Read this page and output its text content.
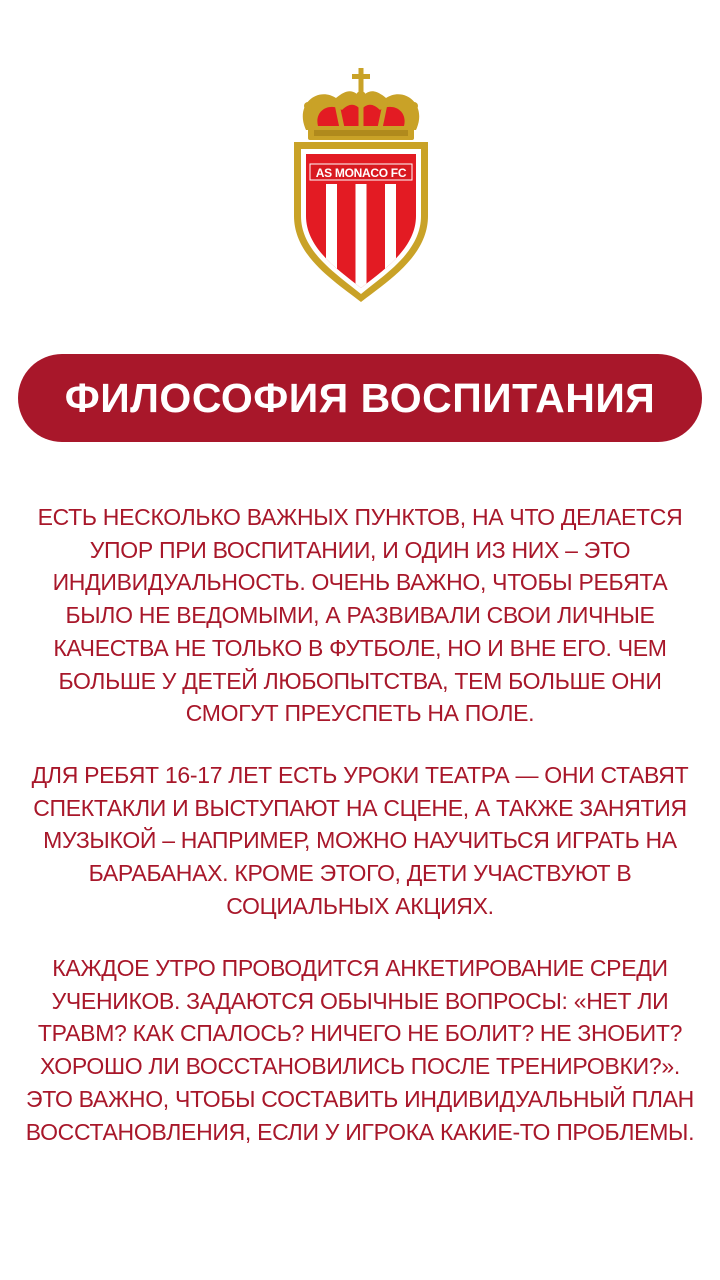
AS MONACO FC
ФИЛОСОФИЯ ВОСПИТАНИЯ

ЕСТЬ НЕСКОЛЬКО ВАЖНЫХ ПУНКТОВ, НА ЧТО ДЕЛАЕТСЯ УПОР ПРИ ВОСПИТАНИИ, И ОДИН ИЗ НИХ – ЭТО ИНДИВИДУАЛЬНОСТЬ. ОЧЕНЬ ВАЖНО, ЧТОБЫ РЕБЯТА БЫЛО НЕ ВЕДОМЫМИ, А РАЗВИВАЛИ СВОИ ЛИЧНЫЕ КАЧЕСТВА НЕ ТОЛЬКО В ФУТБОЛЕ, НО И ВНЕ ЕГО. ЧЕМ БОЛЬШЕ У ДЕТЕЙ ЛЮБОПЫТСТВА, ТЕМ БОЛЬШЕ ОНИ СМОГУТ ПРЕУСПЕТЬ НА ПОЛЕ.

ДЛЯ РЕБЯТ 16-17 ЛЕТ ЕСТЬ УРОКИ ТЕАТРА — ОНИ СТАВЯТ СПЕКТАКЛИ И ВЫСТУПАЮТ НА СЦЕНЕ, А ТАКЖЕ ЗАНЯТИЯ МУЗЫКОЙ – НАПРИМЕР, МОЖНО НАУЧИТЬСЯ ИГРАТЬ НА БАРАБАНАХ. КРОМЕ ЭТОГО, ДЕТИ УЧАСТВУЮТ В СОЦИАЛЬНЫХ АКЦИЯХ.

КАЖДОЕ УТРО ПРОВОДИТСЯ АНКЕТИРОВАНИЕ СРЕДИ УЧЕНИКОВ. ЗАДАЮТСЯ ОБЫЧНЫЕ ВОПРОСЫ: «НЕТ ЛИ ТРАВМ? КАК СПАЛОСЬ? НИЧЕГО НЕ БОЛИТ? НЕ ЗНОБИТ? ХОРОШО ЛИ ВОССТАНОВИЛИСЬ ПОСЛЕ ТРЕНИРОВКИ?». ЭТО ВАЖНО, ЧТОБЫ СОСТАВИТЬ ИНДИВИДУАЛЬНЫЙ ПЛАН ВОССТАНОВЛЕНИЯ, ЕСЛИ У ИГРОКА КАКИЕ-ТО ПРОБЛЕМЫ.
